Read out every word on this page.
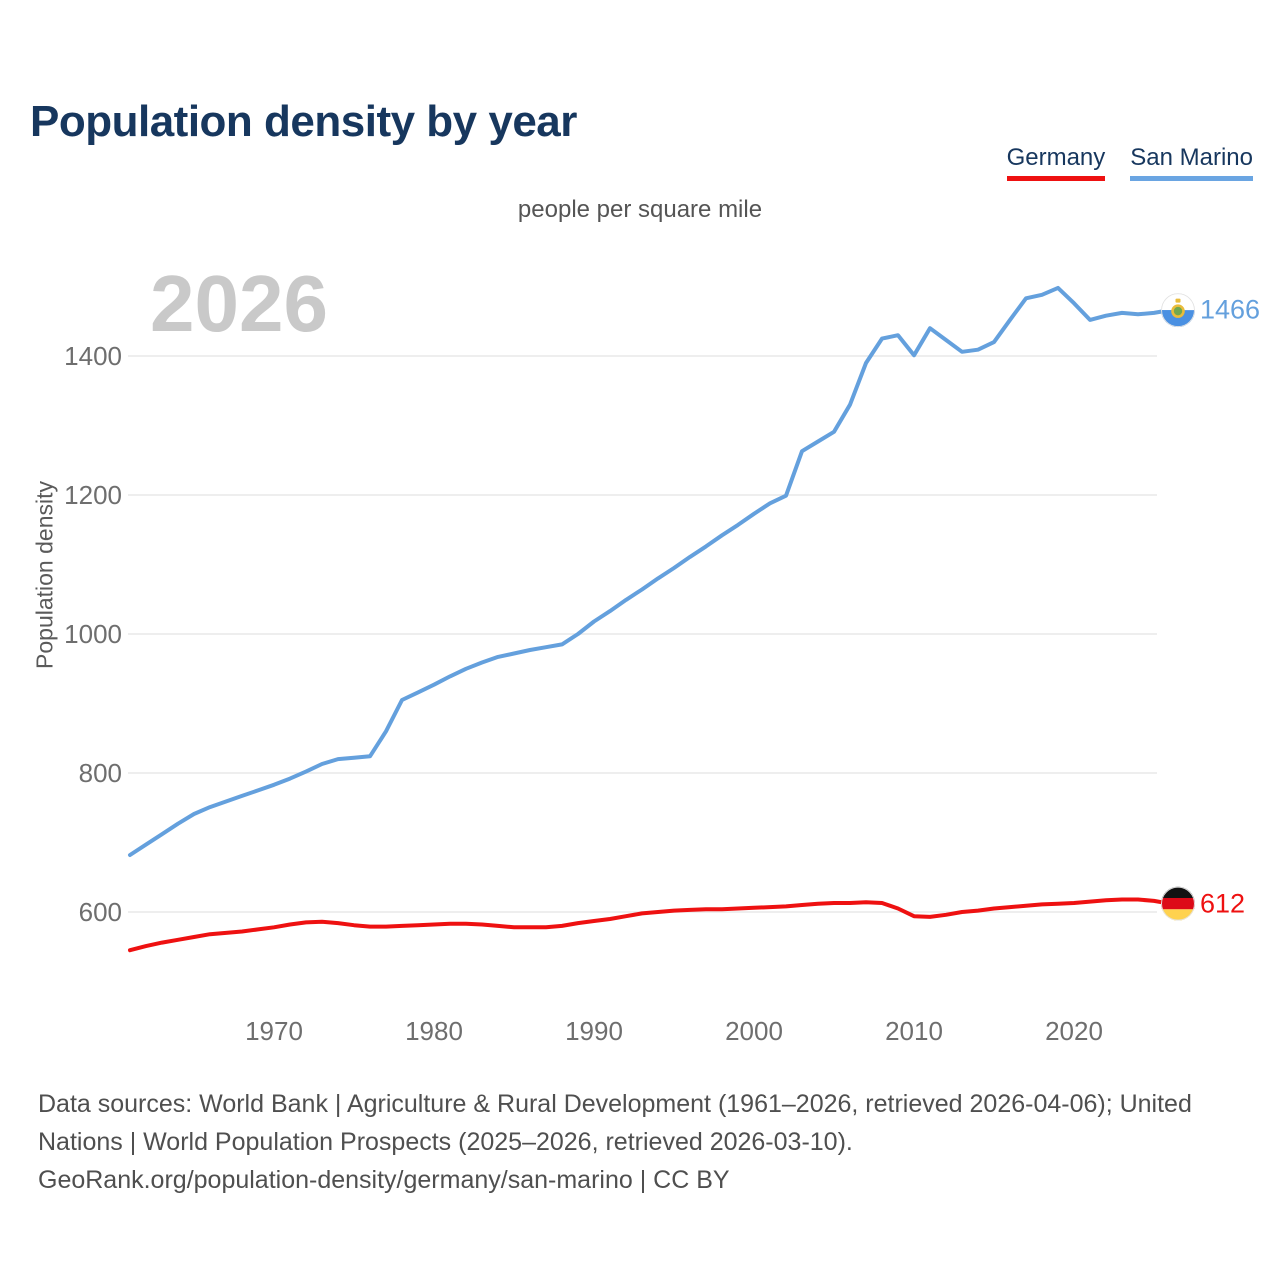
Population density by year
Germany San Marino
people per square mile
2026
Population density
600
800
1000
1200
1400
1970	1980	1990	2000	2010	2020
1466
612
Data sources: World Bank | Agriculture & Rural Development (1961–2026, retrieved 2026-04-06); United
Nations | World Population Prospects (2025–2026, retrieved 2026-03-10).
GeoRank.org/population-density/germany/san-marino | CC BY
